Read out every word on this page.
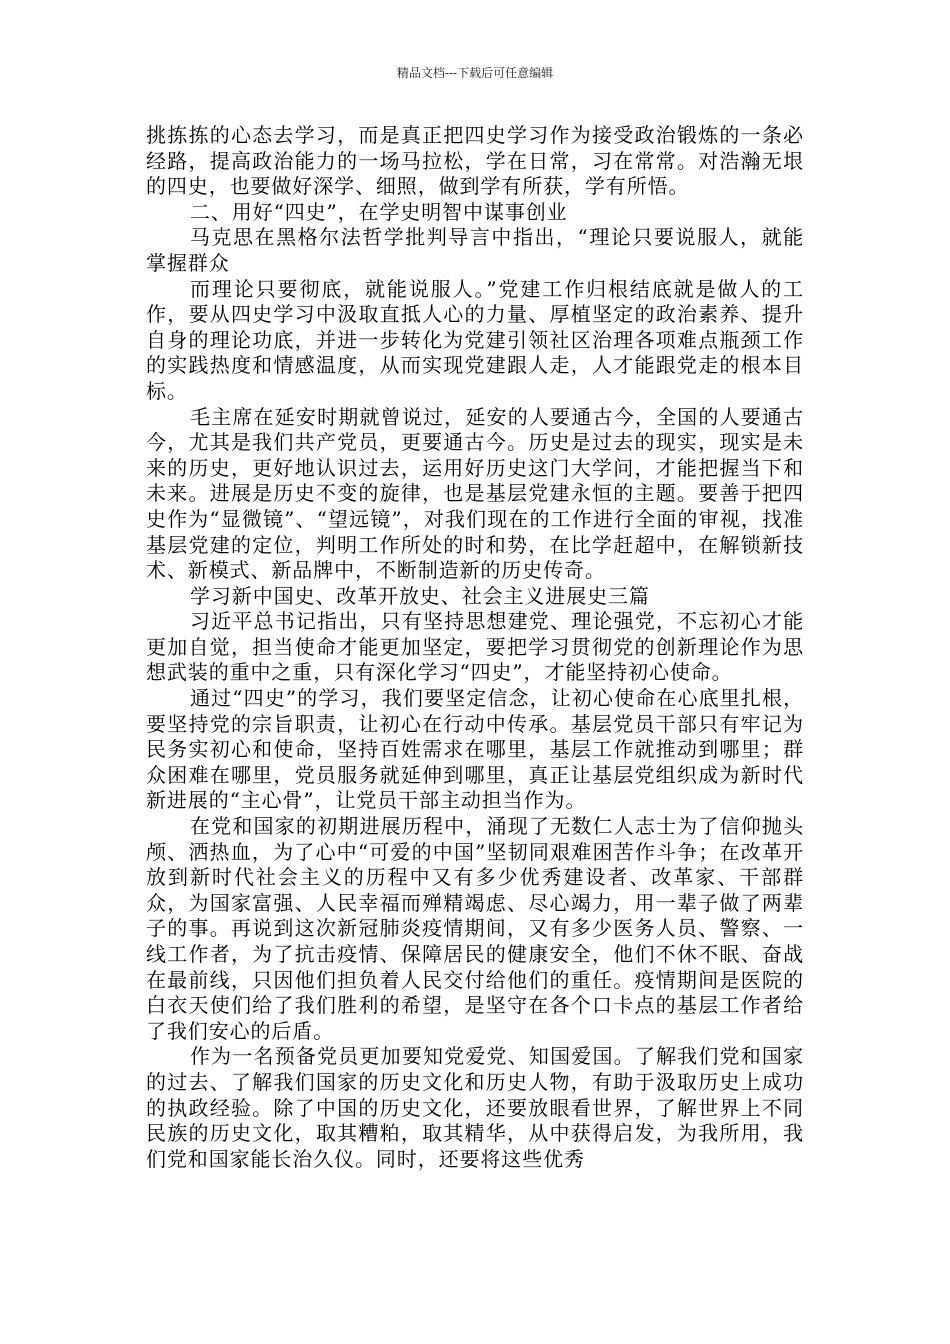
精品文档---下载后可任意编辑

挑拣拣的心态去学习，而是真正把四史学习作为接受政治锻炼的一条必经路，提高政治能力的一场马拉松，学在日常，习在常常。对浩瀚无垠的四史，也要做好深学、细照，做到学有所获，学有所悟。

二、用好“四史”，在学史明智中谋事创业

马克思在黑格尔法哲学批判导言中指出，“理论只要说服人，就能掌握群众

而理论只要彻底，就能说服人。”党建工作归根结底就是做人的工作，要从四史学习中汲取直抵人心的力量、厚植坚定的政治素养、提升自身的理论功底，并进一步转化为党建引领社区治理各项难点瓶颈工作的实践热度和情感温度，从而实现党建跟人走，人才能跟党走的根本目标。

毛主席在延安时期就曾说过，延安的人要通古今，全国的人要通古今，尤其是我们共产党员，更要通古今。历史是过去的现实，现实是未来的历史，更好地认识过去，运用好历史这门大学问，才能把握当下和未来。进展是历史不变的旋律，也是基层党建永恒的主题。要善于把四史作为“显微镜”、“望远镜”，对我们现在的工作进行全面的审视，找准基层党建的定位，判明工作所处的时和势，在比学赶超中，在解锁新技术、新模式、新品牌中，不断制造新的历史传奇。

学习新中国史、改革开放史、社会主义进展史三篇

习近平总书记指出，只有坚持思想建党、理论强党，不忘初心才能更加自觉，担当使命才能更加坚定，要把学习贯彻党的创新理论作为思想武装的重中之重，只有深化学习“四史”，才能坚持初心使命。

通过“四史”的学习，我们要坚定信念，让初心使命在心底里扎根，要坚持党的宗旨职责，让初心在行动中传承。基层党员干部只有牢记为民务实初心和使命，坚持百姓需求在哪里，基层工作就推动到哪里；群众困难在哪里，党员服务就延伸到哪里，真正让基层党组织成为新时代新进展的“主心骨”，让党员干部主动担当作为。

在党和国家的初期进展历程中，涌现了无数仁人志士为了信仰抛头颅、洒热血，为了心中“可爱的中国”坚韧同艰难困苦作斗争；在改革开放到新时代社会主义的历程中又有多少优秀建设者、改革家、干部群众，为国家富强、人民幸福而殚精竭虑、尽心竭力，用一辈子做了两辈子的事。再说到这次新冠肺炎疫情期间，又有多少医务人员、警察、一线工作者，为了抗击疫情、保障居民的健康安全，他们不休不眠、奋战在最前线，只因他们担负着人民交付给他们的重任。疫情期间是医院的白衣天使们给了我们胜利的希望，是坚守在各个口卡点的基层工作者给了我们安心的后盾。

作为一名预备党员更加要知党爱党、知国爱国。了解我们党和国家的过去、了解我们国家的历史文化和历史人物，有助于汲取历史上成功的执政经验。除了中国的历史文化，还要放眼看世界，了解世界上不同民族的历史文化，取其糟粕，取其精华，从中获得启发，为我所用，我们党和国家能长治久仪。同时，还要将这些优秀
